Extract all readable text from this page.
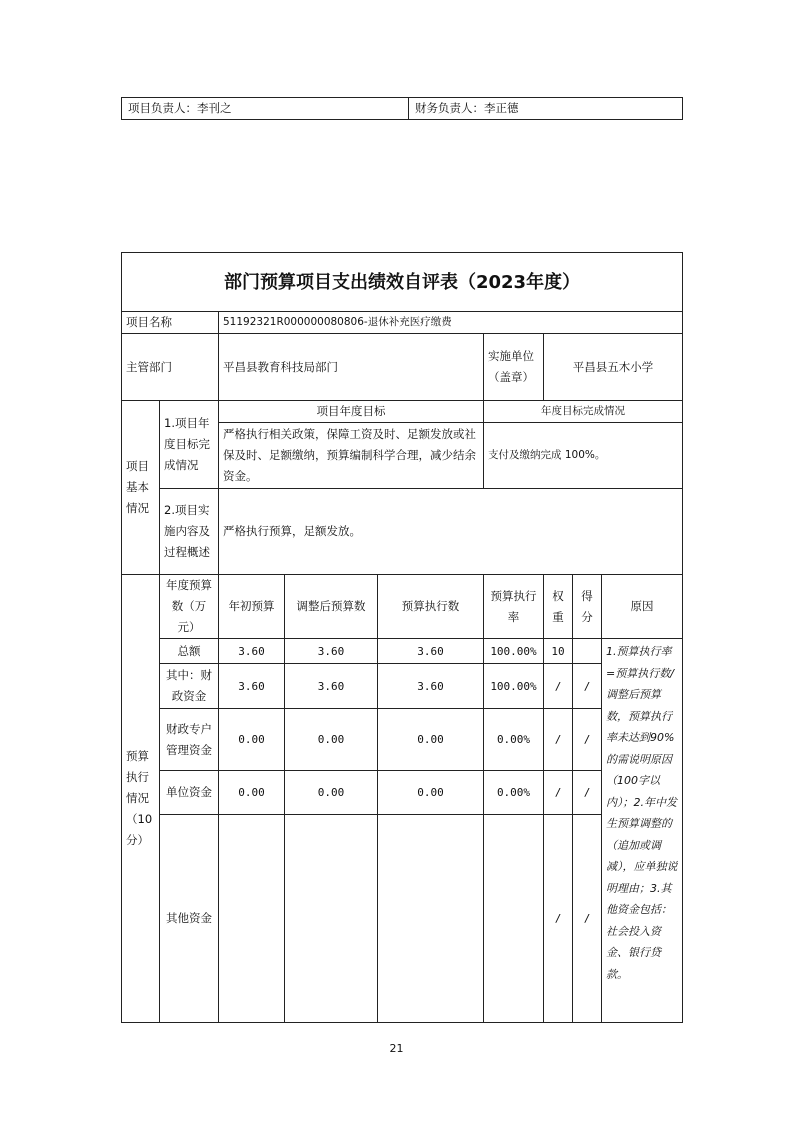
项目负责人：李刊之	财务负责人：李正德
部门预算项目支出绩效自评表（2023年度）								
项目名称		51192321R000000080806-退休补充医疗缴费						
主管部门		平昌县教育科技局部门			实施单位（盖章）	平昌县五木小学		
项目基本情况	1.项目年度目标完成情况	项目年度目标			年度目标完成情况			
		严格执行相关政策，保障工资及时、足额发放或社保及时、足额缴纳，预算编制科学合理，减少结余资金。			支付及缴纳完成 100%。			
	2.项目实施内容及过程概述	严格执行预算，足额发放。						
预算执行情况（10分）	年度预算数（万元）	年初预算	调整后预算数	预算执行数	预算执行率	权重	得分	原因
	总额	3.60	3.60	3.60	100.00%	10		1.预算执行率=预算执行数/调整后预算数，预算执行率未达到90%的需说明原因（100字以内）；2.年中发生预算调整的（追加或调减），应单独说明理由；3.其他资金包括：社会投入资金、银行贷款。
	其中：财政资金	3.60	3.60	3.60	100.00%	/	/	
	财政专户管理资金	0.00	0.00	0.00	0.00%	/	/	
	单位资金	0.00	0.00	0.00	0.00%	/	/	
	其他资金					/	/	
21
